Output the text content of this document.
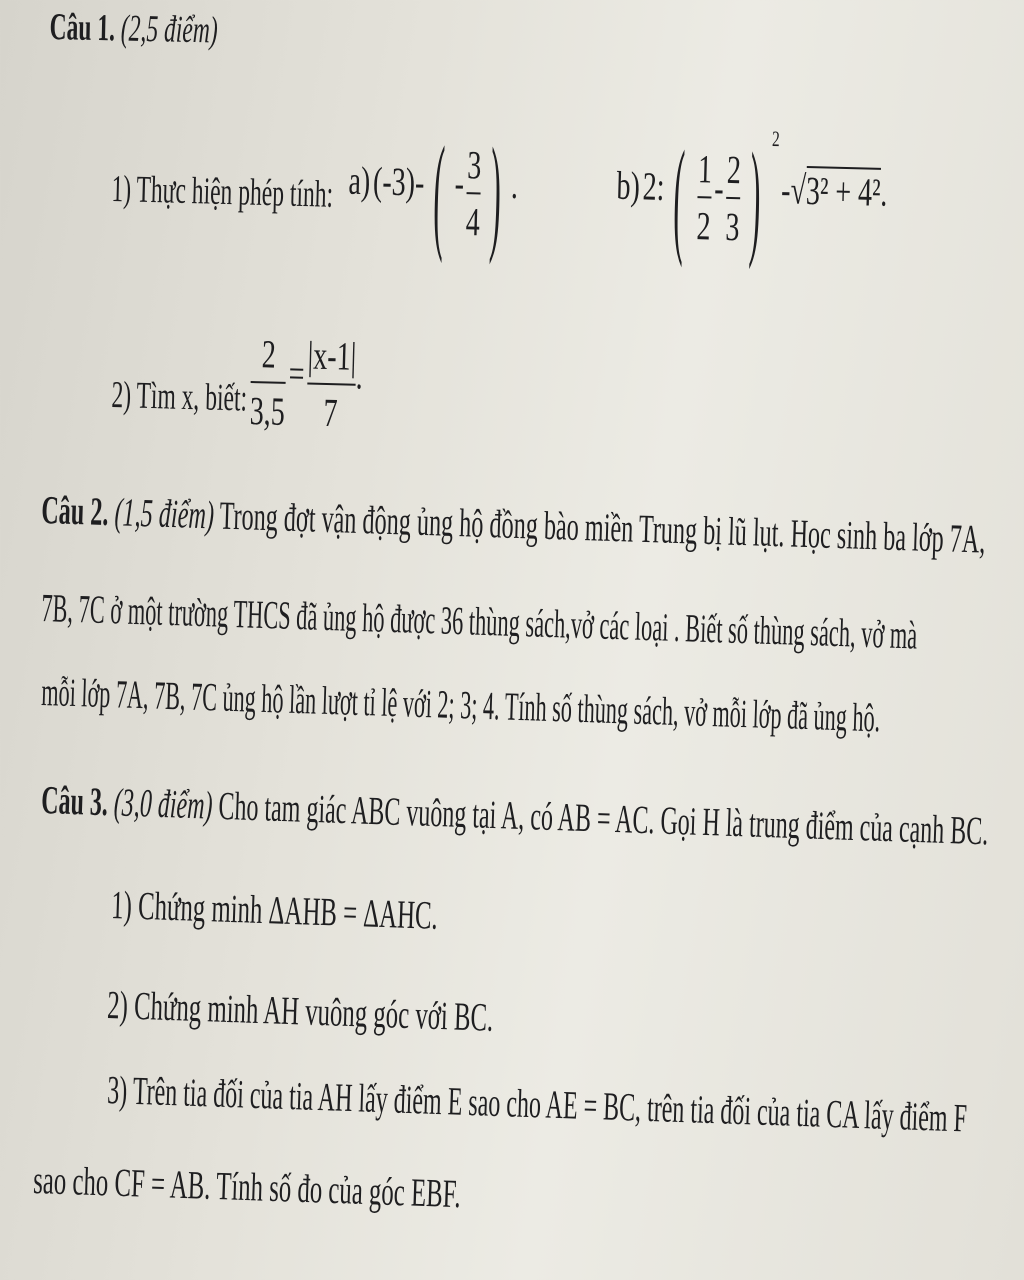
Câu 1. (2,5 điểm)
1) Thực hiện phép tính: a) $(-3)-( - \frac{3}{4}$ ) . b) 2:( $\frac{1}{2} - \frac{2}{3}$ ) 2 -√3² + 4².
2) Tìm x, biết: $\frac{2}{3,5} = \frac{|x-1|}{7}$
.
Câu 2. (1,5 điểm) Trong đợt vận động ủng hộ đồng bào miền Trung bị lũ lụt. Học sinh ba lớp 7A,
7B, 7C ở một trường THCS đã ủng hộ được 36 thùng sách,vở các loại . Biết số thùng sách, vở mà
mỗi lớp 7A, 7B, 7C ủng hộ lần lượt tỉ lệ với 2; 3; 4. Tính số thùng sách, vở mỗi lớp đã ủng hộ.
Câu 3. (3,0 điểm) Cho tam giác ABC vuông tại A, có AB = AC. Gọi H là trung điểm của cạnh BC.
1) Chứng minh ΔAHB = ΔAHC.
2) Chứng minh AH vuông góc với BC.
3) Trên tia đối của tia AH lấy điểm E sao cho AE = BC, trên tia đối của tia CA lấy điểm F
sao cho CF = AB. Tính số đo của góc EBF.
